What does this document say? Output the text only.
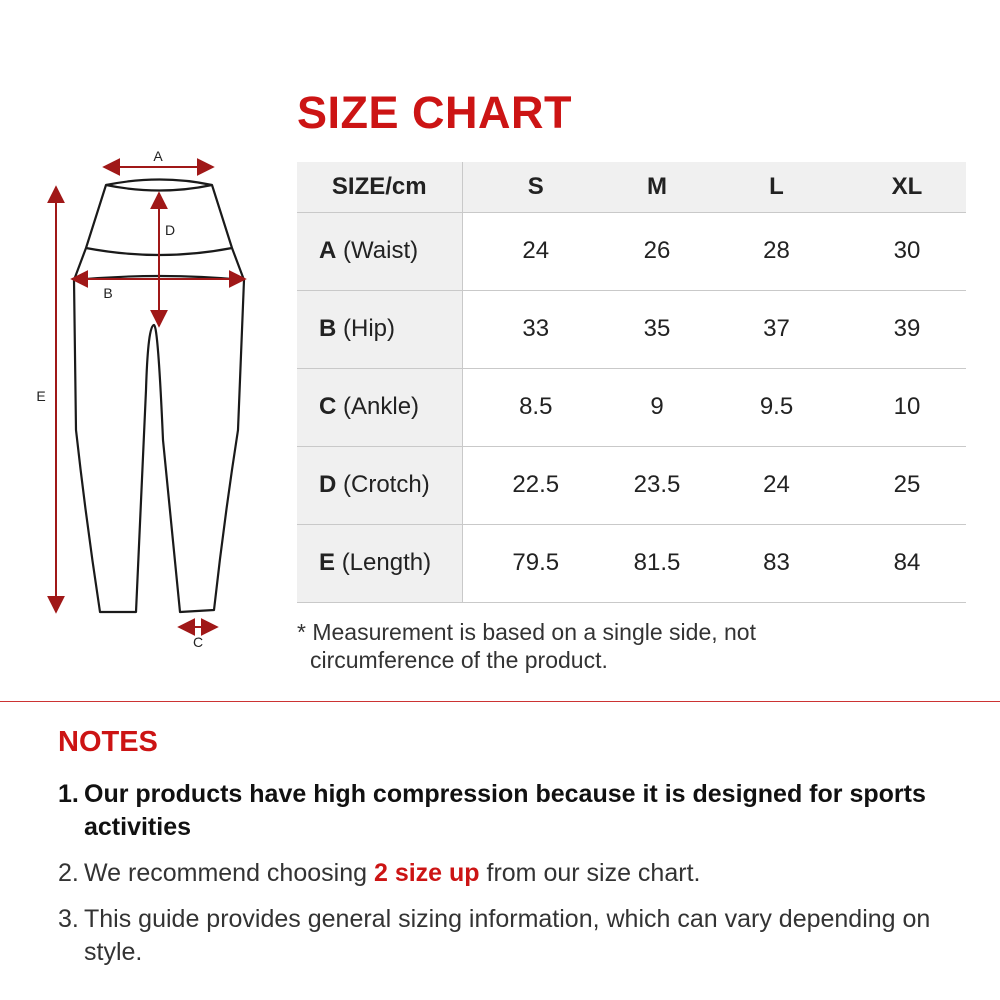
SIZE CHART
A
B
D
E
C
SIZE/cm	S	M	L	XL
A (Waist)	24	26	28	30
B (Hip)	33	35	37	39
C (Ankle)	8.5	9	9.5	10
D (Crotch)	22.5	23.5	24	25
E (Length)	79.5	81.5	83	84
* Measurement is based on a single side, not
circumference of the product.
NOTES
1. Our products have high compression because it is designed for sports activities
2. We recommend choosing 2 size up from our size chart.
3. This guide provides general sizing information, which can vary depending on style.
